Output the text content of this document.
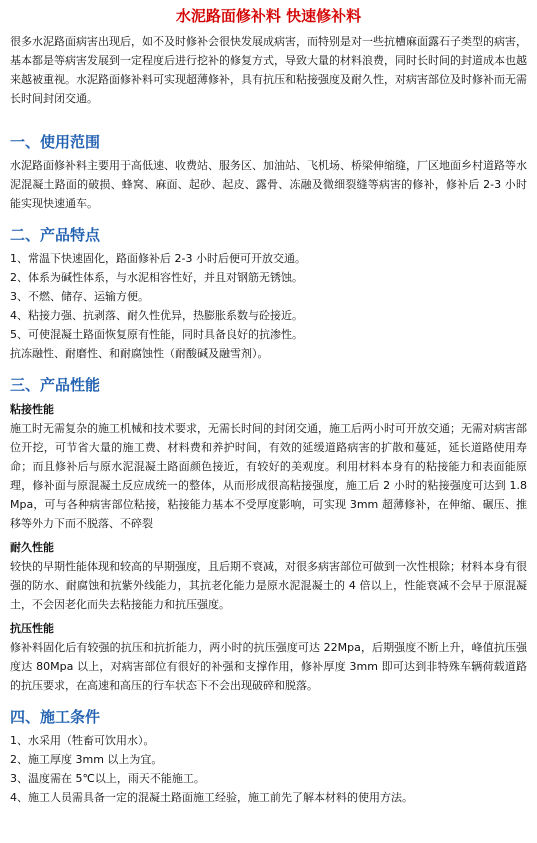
水泥路面修补料 快速修补料

很多水泥路面病害出现后，如不及时修补会很快发展成病害，而特别是对一些抗槽麻面露石子类型的病害，基本都是等病害发展到一定程度后进行挖补的修复方式，导致大量的材料浪费，同时长时间的封道成本也越来越被重视。水泥路面修补料可实现超薄修补，具有抗压和粘接强度及耐久性，对病害部位及时修补而无需长时间封闭交通。

一、使用范围

水泥路面修补料主要用于高低速、收费站、服务区、加油站、飞机场、桥梁伸缩缝，厂区地面乡村道路等水泥混凝土路面的破损、蜂窝、麻面、起砂、起皮、露骨、冻融及微细裂缝等病害的修补，修补后 2-3 小时能实现快速通车。

二、产品特点
1、常温下快速固化，路面修补后 2-3 小时后便可开放交通。
2、体系为碱性体系，与水泥相容性好，并且对钢筋无锈蚀。
3、不燃、储存、运输方便。
4、粘接力强、抗剥落、耐久性优异，热膨胀系数与砼接近。
5、可使混凝土路面恢复原有性能，同时具备良好的抗渗性。
抗冻融性、耐磨性、和耐腐蚀性（耐酸碱及融雪剂）。
三、产品性能
粘接性能

施工时无需复杂的施工机械和技术要求，无需长时间的封闭交通，施工后两小时可开放交通；无需对病害部位开挖，可节省大量的施工费、材料费和养护时间，有效的延缓道路病害的扩散和蔓延，延长道路使用寿命；而且修补后与原水泥混凝土路面颜色接近，有较好的美观度。利用材料本身有的粘接能力和表面能原理，修补面与原混凝土反应成统一的整体，从而形成很高粘接强度，施工后 2 小时的粘接强度可达到 1.8Mpa，可与各种病害部位粘接，粘接能力基本不受厚度影响，可实现 3mm 超薄修补，在伸缩、碾压、推移等外力下而不脱落、不碎裂

耐久性能

较快的早期性能体现和较高的早期强度，且后期不衰减，对很多病害部位可做到一次性根除；材料本身有很强的防水、耐腐蚀和抗紫外线能力，其抗老化能力是原水泥混凝土的 4 倍以上，性能衰减不会早于原混凝土，不会因老化而失去粘接能力和抗压强度。

抗压性能

修补料固化后有较强的抗压和抗折能力，两小时的抗压强度可达 22Mpa，后期强度不断上升，峰值抗压强度达 80Mpa 以上，对病害部位有很好的补强和支撑作用，修补厚度 3mm 即可达到非特殊车辆荷载道路的抗压要求，在高速和高压的行车状态下不会出现破碎和脱落。

四、施工条件
1、水采用（牲畜可饮用水）。
2、施工厚度 3mm 以上为宜。
3、温度需在 5℃以上，雨天不能施工。
4、施工人员需具备一定的混凝土路面施工经验，施工前先了解本材料的使用方法。
